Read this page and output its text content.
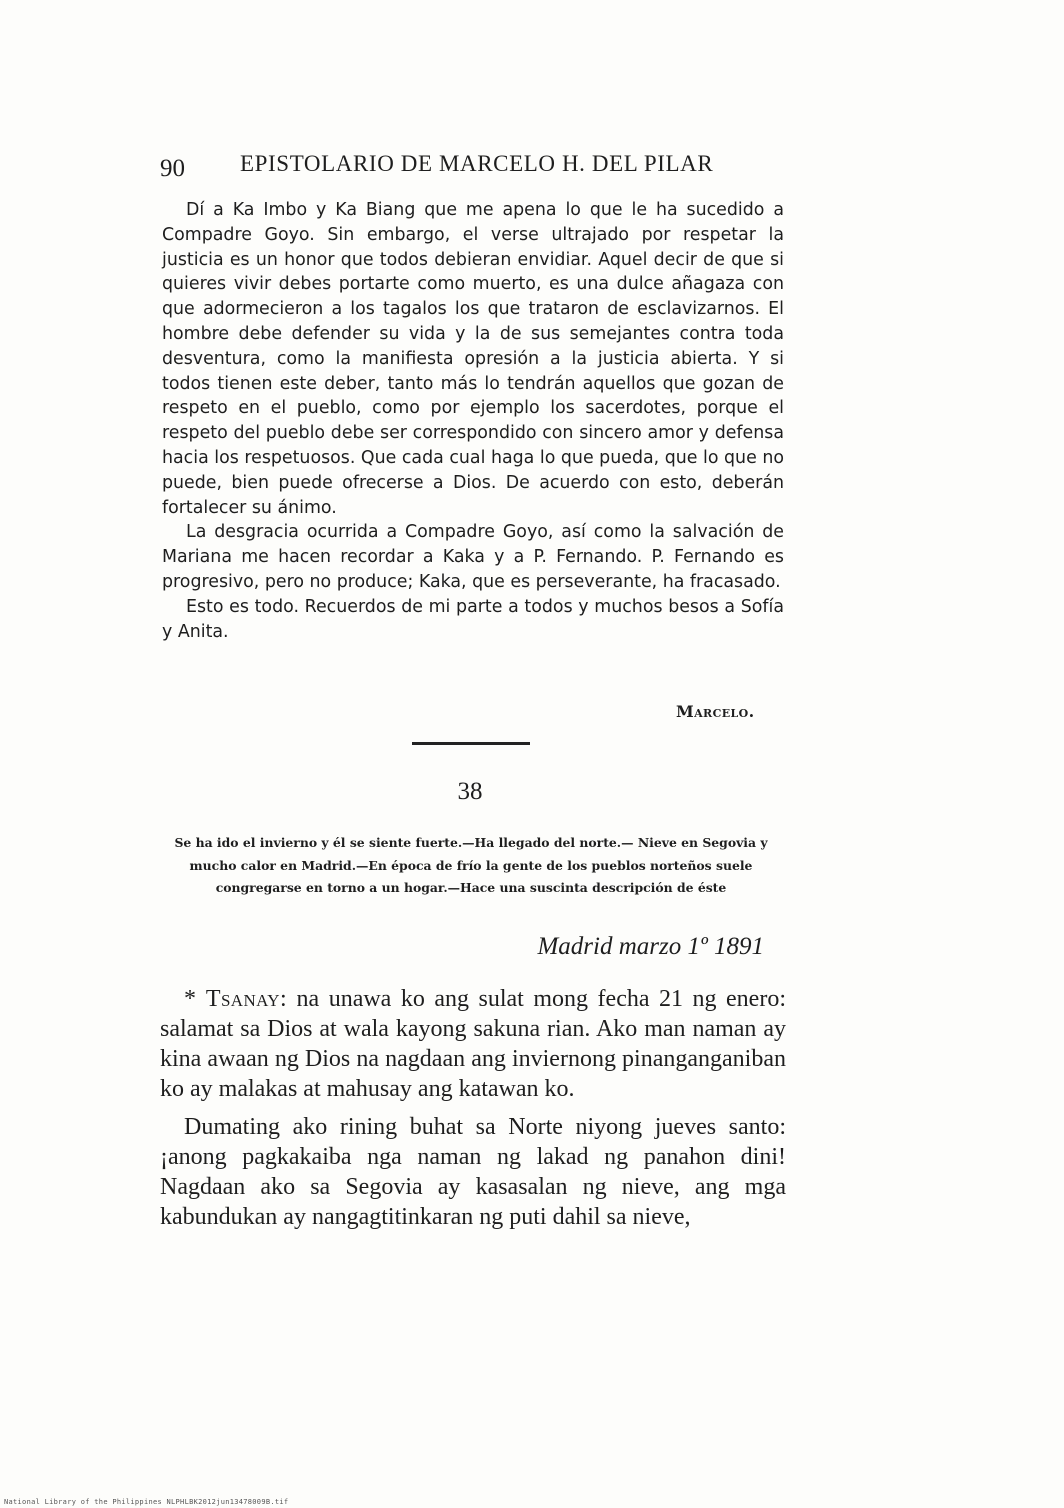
90 EPISTOLARIO DE MARCELO H. DEL PILAR

Dí a Ka Imbo y Ka Biang que me apena lo que le ha sucedido a Compadre Goyo. Sin embargo, el verse ultrajado por respetar la justicia es un honor que todos debieran envidiar. Aquel decir de que si quieres vivir debes portarte como muerto, es una dulce añagaza con que adormecieron a los tagalos los que trataron de esclavizarnos. El hombre debe defender su vida y la de sus semejantes contra toda desventura, como la manifiesta opresión a la justicia abierta. Y si todos tienen este deber, tanto más lo tendrán aquellos que gozan de respeto en el pueblo, como por ejemplo los sacerdotes, porque el respeto del pueblo debe ser correspondido con sincero amor y defensa hacia los respetuosos. Que cada cual haga lo que pueda, que lo que no puede, bien puede ofrecerse a Dios. De acuerdo con esto, deberán fortalecer su ánimo.

La desgracia ocurrida a Compadre Goyo, así como la salvación de Mariana me hacen recordar a Kaka y a P. Fernando. P. Fernando es progresivo, pero no produce; Kaka, que es perseverante, ha fracasado.

Esto es todo. Recuerdos de mi parte a todos y muchos besos a Sofía y Anita.

Marcelo.
38
Se ha ido el invierno y él se siente fuerte.—Ha llegado del norte.— Nieve en Segovia y mucho calor en Madrid.—En época de frío la gente de los pueblos norteños suele congregarse en torno a un hogar.—Hace una suscinta descripción de éste
Madrid marzo 1º 1891

* Tsanay: na unawa ko ang sulat mong fecha 21 ng enero: salamat sa Dios at wala kayong sakuna rian. Ako man naman ay kina awaan ng Dios na nagdaan ang inviernong pinanganganiban ko ay malakas at mahusay ang katawan ko.

Dumating ako rining buhat sa Norte niyong jueves santo: ¡anong pagkakaiba nga naman ng lakad ng panahon dini! Nagdaan ako sa Segovia ay kasasalan ng nieve, ang mga kabundukan ay nangagtitinkaran ng puti dahil sa nieve,

National Library of the Philippines NLPHLBK2012jun13478009B.tif
